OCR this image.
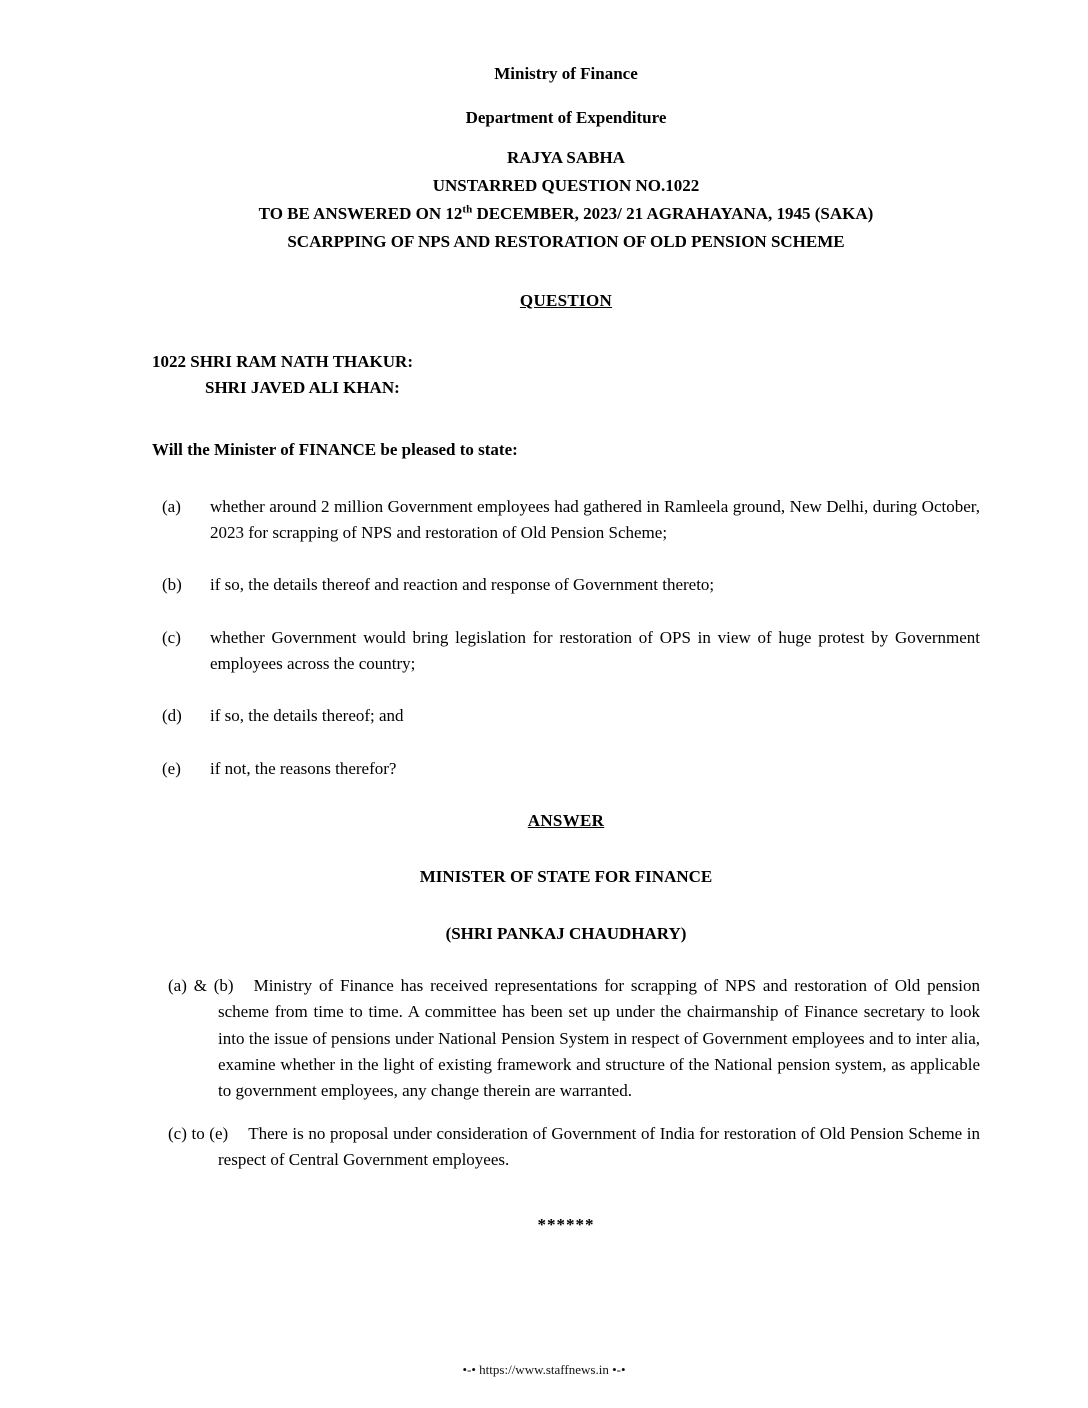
Ministry of Finance
Department of Expenditure
RAJYA SABHA
UNSTARRED QUESTION NO.1022
TO BE ANSWERED ON 12th DECEMBER, 2023/ 21 AGRAHAYANA, 1945 (SAKA)
SCARPPING OF NPS AND RESTORATION OF OLD PENSION SCHEME
QUESTION
1022 SHRI RAM NATH THAKUR:
SHRI JAVED ALI KHAN:
Will the Minister of FINANCE be pleased to state:
(a)	whether around 2 million Government employees had gathered in Ramleela ground, New Delhi, during October, 2023 for scrapping of NPS and restoration of Old Pension Scheme;
(b)	if so, the details thereof and reaction and response of Government thereto;
(c)	whether Government would bring legislation for restoration of OPS in view of huge protest by Government employees across the country;
(d)	if so, the details thereof; and
(e)	if not, the reasons therefor?
ANSWER
MINISTER OF STATE FOR FINANCE
(SHRI PANKAJ CHAUDHARY)

(a) & (b) Ministry of Finance has received representations for scrapping of NPS and restoration of Old pension scheme from time to time. A committee has been set up under the chairmanship of Finance secretary to look into the issue of pensions under National Pension System in respect of Government employees and to inter alia, examine whether in the light of existing framework and structure of the National pension system, as applicable to government employees, any change therein are warranted.

(c) to (e) There is no proposal under consideration of Government of India for restoration of Old Pension Scheme in respect of Central Government employees.

******
•-• https://www.staffnews.in •-•
